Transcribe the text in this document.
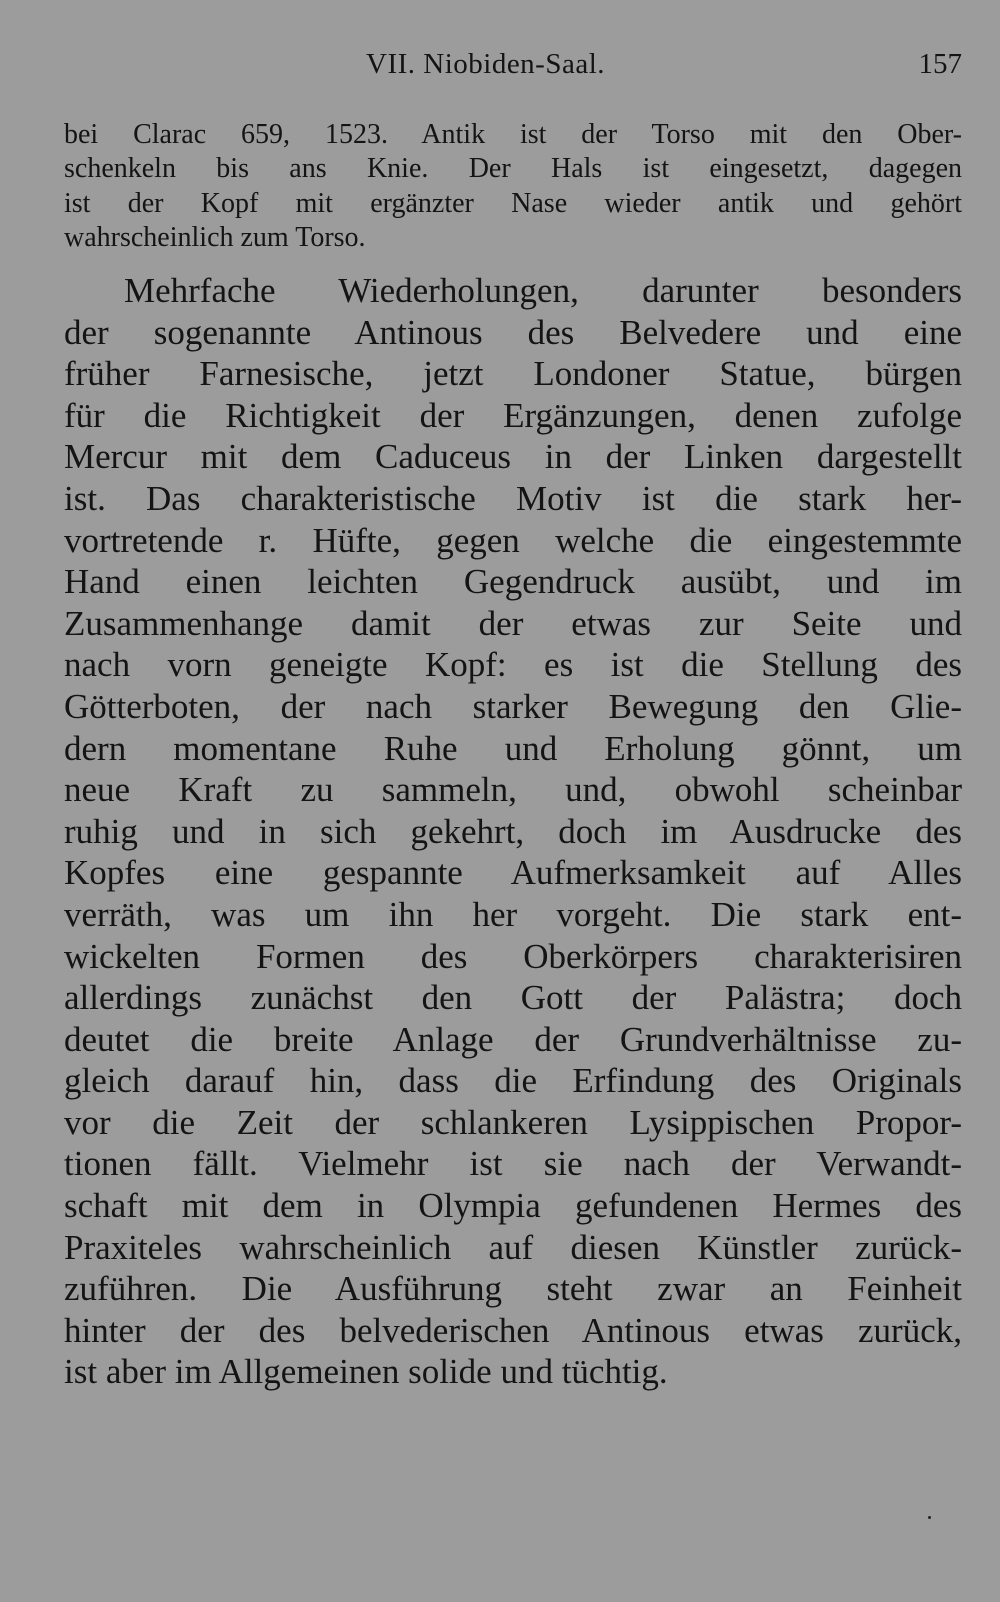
VII. Niobiden-Saal.	157
bei Clarac 659, 1523. Antik ist der Torso mit den Ober-
schenkeln bis ans Knie. Der Hals ist eingesetzt, dagegen
ist der Kopf mit ergänzter Nase wieder antik und gehört
wahrscheinlich zum Torso.
Mehrfache Wiederholungen, darunter besonders
der sogenannte Antinous des Belvedere und eine
früher Farnesische, jetzt Londoner Statue, bürgen
für die Richtigkeit der Ergänzungen, denen zufolge
Mercur mit dem Caduceus in der Linken dargestellt
ist. Das charakteristische Motiv ist die stark her-
vortretende r. Hüfte, gegen welche die eingestemmte
Hand einen leichten Gegendruck ausübt, und im
Zusammenhange damit der etwas zur Seite und
nach vorn geneigte Kopf: es ist die Stellung des
Götterboten, der nach starker Bewegung den Glie-
dern momentane Ruhe und Erholung gönnt, um
neue Kraft zu sammeln, und, obwohl scheinbar
ruhig und in sich gekehrt, doch im Ausdrucke des
Kopfes eine gespannte Aufmerksamkeit auf Alles
verräth, was um ihn her vorgeht. Die stark ent-
wickelten Formen des Oberkörpers charakterisiren
allerdings zunächst den Gott der Palästra; doch
deutet die breite Anlage der Grundverhältnisse zu-
gleich darauf hin, dass die Erfindung des Originals
vor die Zeit der schlankeren Lysippischen Propor-
tionen fällt. Vielmehr ist sie nach der Verwandt-
schaft mit dem in Olympia gefundenen Hermes des
Praxiteles wahrscheinlich auf diesen Künstler zurück-
zuführen. Die Ausführung steht zwar an Feinheit
hinter der des belvederischen Antinous etwas zurück,
ist aber im Allgemeinen solide und tüchtig.
